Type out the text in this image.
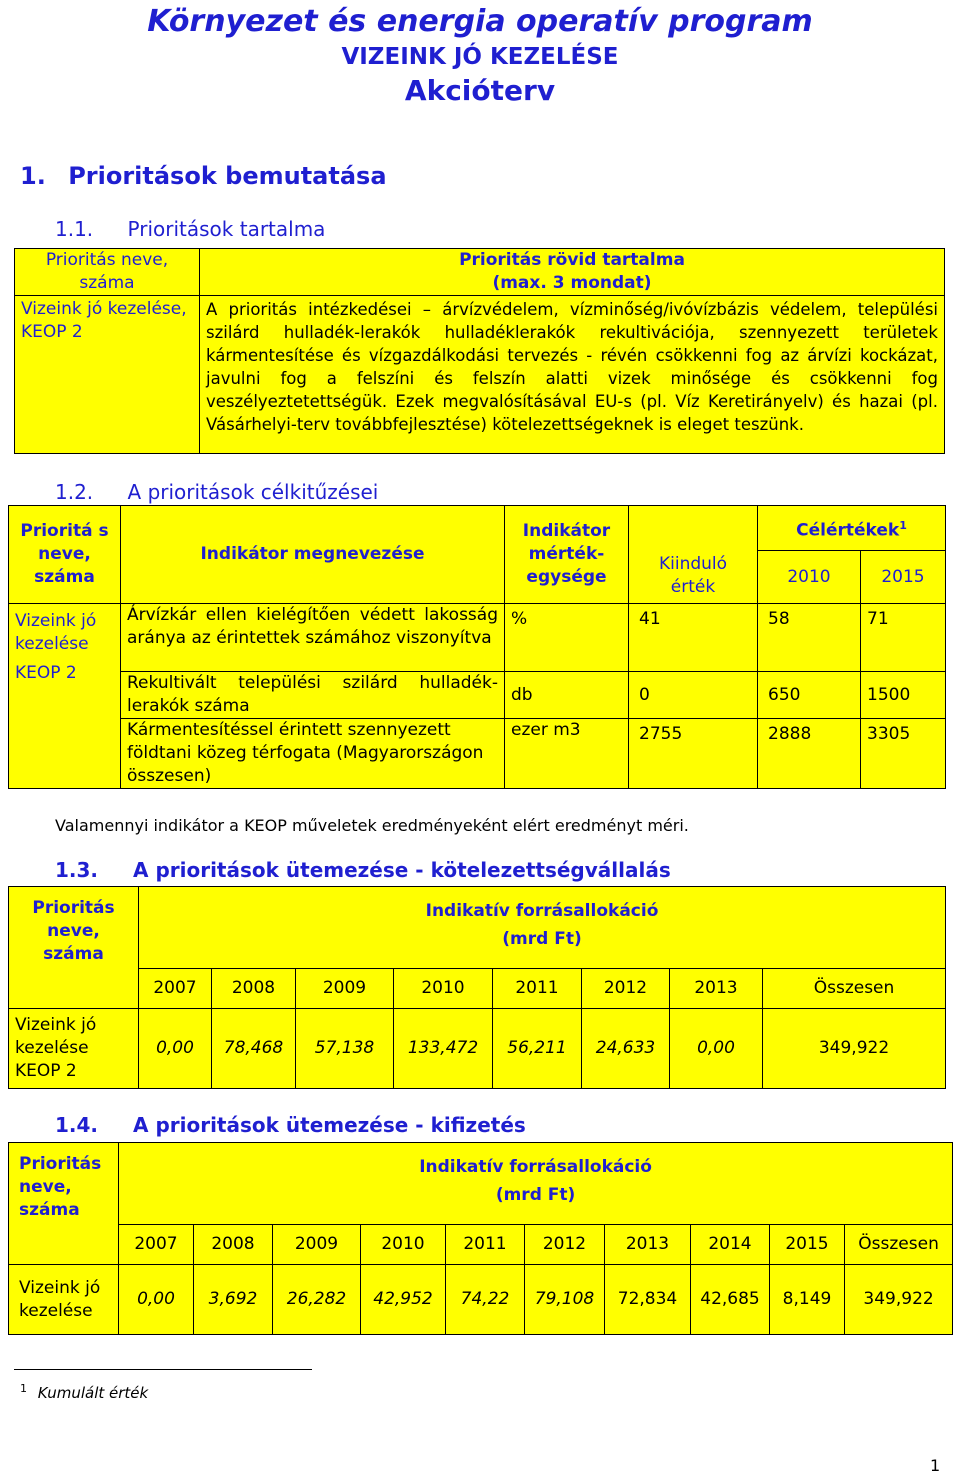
Környezet és energia operatív program
VIZEINK JÓ KEZELÉSE
Akcióterv
1. Prioritások bemutatása
1.1. Prioritások tartalma
Prioritás neve, száma	Prioritás rövid tartalma
(max. 3 mondat)

Vizeink jó kezelése, KEOP 2	A prioritás intézkedései – árvízvédelem, vízminőség/ivóvízbázis védelem, települési szilárd hulladék-lerakók hulladéklerakók rekultivációja, szennyezett területek kármentesítése és vízgazdálkodási tervezés - révén csökkenni fog az árvízi kockázat, javulni fog a felszíni és felszín alatti vizek minősége és csökkenni fog veszélyeztetettségük. Ezek megvalósításával EU-s (pl. Víz Keretirányelv) és hazai (pl. Vásárhelyi-terv továbbfejlesztése) kötelezettségeknek is eleget teszünk.
1.2. A prioritások célkitűzései
Prioritá s neve, száma	Indikátor megnevezése	Indikátor mérték-egysége	Kiinduló érték	Célértékek$^1$
				2010	2015

Vizeink jó kezelése
KEOP 2	Árvízkár ellen kielégítően védett lakosság aránya az érintettek számához viszonyítva	%	41	58	71
	Rekultivált települési szilárd hulladék-lerakók száma	db	0	650	1500
	Kármentesítéssel érintett szennyezett földtani közeg térfogata (Magyarországon összesen)	ezer m3	2755	2888	3305
Valamennyi indikátor a KEOP műveletek eredményeként elért eredményt méri.
1.3. A prioritások ütemezése - kötelezettségvállalás
Prioritás neve, száma	Indikatív forrásallokáció
(mrd Ft)							

	2007	2008	2009	2010	2011	2012	2013	Összesen
Vizeink jó kezelése KEOP 2	0,00	78,468	57,138	133,472	56,211	24,633	0,00	349,922
1.4. A prioritások ütemezése - kifizetés
Prioritás neve, száma	Indikatív forrásallokáció
(mrd Ft)									

	2007	2008	2009	2010	2011	2012	2013	2014	2015	Összesen
Vizeink jó kezelése	0,00	3,692	26,282	42,952	74,22	79,108	72,834	42,685	8,149	349,922
$^1$ Kumulált érték
1
